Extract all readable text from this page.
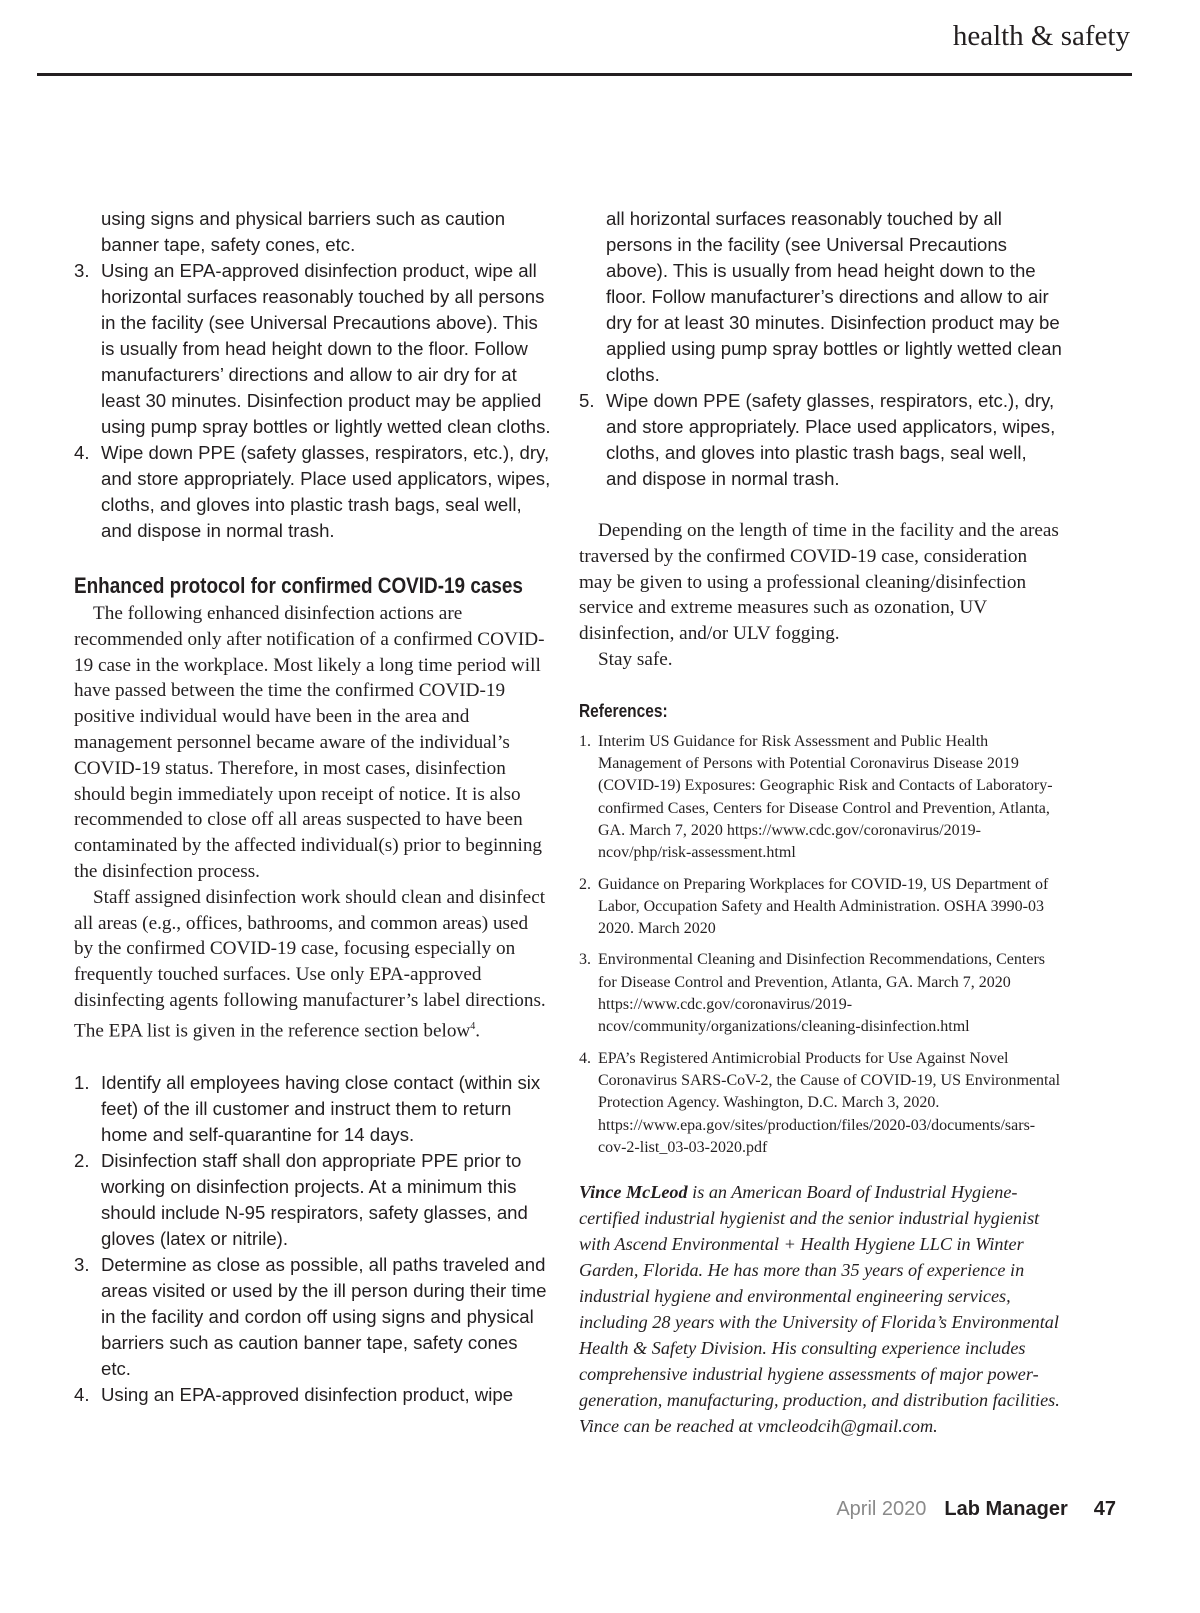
health & safety
using signs and physical barriers such as caution banner tape, safety cones, etc.
3. Using an EPA-approved disinfection product, wipe all horizontal surfaces reasonably touched by all persons in the facility (see Universal Precautions above). This is usually from head height down to the floor. Follow manufacturers’ directions and allow to air dry for at least 30 minutes. Disinfection product may be applied using pump spray bottles or lightly wetted clean cloths.
4. Wipe down PPE (safety glasses, respirators, etc.), dry, and store appropriately. Place used applicators, wipes, cloths, and gloves into plastic trash bags, seal well, and dispose in normal trash.
Enhanced protocol for confirmed COVID-19 cases

The following enhanced disinfection actions are recommended only after notification of a confirmed COVID-19 case in the workplace. Most likely a long time period will have passed between the time the confirmed COVID-19 positive individual would have been in the area and management personnel became aware of the individual’s COVID-19 status. Therefore, in most cases, disinfection should begin immediately upon receipt of notice. It is also recommended to close off all areas suspected to have been contaminated by the affected individual(s) prior to beginning the disinfection process.

Staff assigned disinfection work should clean and disinfect all areas (e.g., offices, bathrooms, and common areas) used by the confirmed COVID-19 case, focusing especially on frequently touched surfaces. Use only EPA-approved disinfecting agents following manufacturer’s label directions. The EPA list is given in the reference section below$^4$.

1. Identify all employees having close contact (within six feet) of the ill customer and instruct them to return home and self-quarantine for 14 days.
2. Disinfection staff shall don appropriate PPE prior to working on disinfection projects. At a minimum this should include N-95 respirators, safety glasses, and gloves (latex or nitrile).
3. Determine as close as possible, all paths traveled and areas visited or used by the ill person during their time in the facility and cordon off using signs and physical barriers such as caution banner tape, safety cones etc.
4. Using an EPA-approved disinfection product, wipe
all horizontal surfaces reasonably touched by all persons in the facility (see Universal Precautions above). This is usually from head height down to the floor. Follow manufacturer’s directions and allow to air dry for at least 30 minutes. Disinfection product may be applied using pump spray bottles or lightly wetted clean cloths.
5. Wipe down PPE (safety glasses, respirators, etc.), dry, and store appropriately. Place used applicators, wipes, cloths, and gloves into plastic trash bags, seal well, and dispose in normal trash.

Depending on the length of time in the facility and the areas traversed by the confirmed COVID-19 case, consideration may be given to using a professional cleaning/disinfection service and extreme measures such as ozonation, UV disinfection, and/or ULV fogging.

Stay safe.

References:
1. Interim US Guidance for Risk Assessment and Public Health Management of Persons with Potential Coronavirus Disease 2019 (COVID-19) Exposures: Geographic Risk and Contacts of Laboratory-confirmed Cases, Centers for Disease Control and Prevention, Atlanta, GA. March 7, 2020 https://www.cdc.gov/coronavirus/2019-ncov/php/risk-assessment.html
2. Guidance on Preparing Workplaces for COVID-19, US Department of Labor, Occupation Safety and Health Administration. OSHA 3990-03 2020. March 2020
3. Environmental Cleaning and Disinfection Recommendations, Centers for Disease Control and Prevention, Atlanta, GA. March 7, 2020 https://www.cdc.gov/coronavirus/2019-ncov/community/organizations/cleaning-disinfection.html
4. EPA’s Registered Antimicrobial Products for Use Against Novel Coronavirus SARS-CoV-2, the Cause of COVID-19, US Environmental Protection Agency. Washington, D.C. March 3, 2020. https://www.epa.gov/sites/production/files/2020-03/documents/sars-cov-2-list_03-03-2020.pdf

Vince McLeod is an American Board of Industrial Hygiene-certified industrial hygienist and the senior industrial hygienist with Ascend Environmental + Health Hygiene LLC in Winter Garden, Florida. He has more than 35 years of experience in industrial hygiene and environmental engineering services, including 28 years with the University of Florida’s Environmental Health & Safety Division. His consulting experience includes comprehensive industrial hygiene assessments of major power-generation, manufacturing, production, and distribution facilities. Vince can be reached at vmcleodcih@gmail.com.

April 2020 Lab Manager 47
